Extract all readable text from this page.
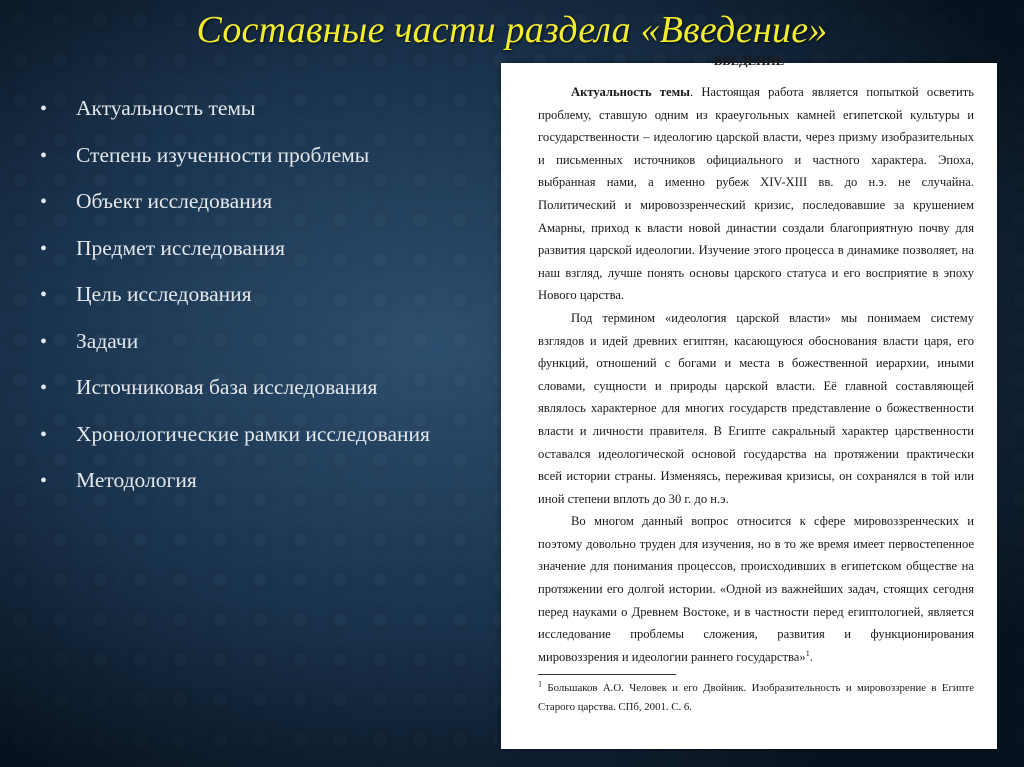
Составные части раздела «Введение»
•	Актуальность темы
•	Степень изученности проблемы
•	Объект исследования
•	Предмет исследования
•	Цель исследования
•	Задачи
•	Источниковая база исследования
•	Хронологические рамки исследования
•	Методология
ВВЕДЕНИЕ

Актуальность темы. Настоящая работа является попыткой осветить проблему, ставшую одним из краеугольных камней египетской культуры и государственности – идеологию царской власти, через призму изобразительных и письменных источников официального и частного характера. Эпоха, выбранная нами, а именно рубеж XIV-XIII вв. до н.э. не случайна. Политический и мировоззренческий кризис, последовавшие за крушением Амарны, приход к власти новой династии создали благоприятную почву для развития царской идеологии. Изучение этого процесса в динамике позволяет, на наш взгляд, лучше понять основы царского статуса и его восприятие в эпоху Нового царства.

Под термином «идеология царской власти» мы понимаем систему взглядов и идей древних египтян, касающуюся обоснования власти царя, его функций, отношений с богами и места в божественной иерархии, иными словами, сущности и природы царской власти. Её главной составляющей являлось характерное для многих государств представление о божественности власти и личности правителя. В Египте сакральный характер царственности оставался идеологической основой государства на протяжении практически всей истории страны. Изменяясь, переживая кризисы, он сохранялся в той или иной степени вплоть до 30 г. до н.э.

Во многом данный вопрос относится к сфере мировоззренческих и поэтому довольно труден для изучения, но в то же время имеет первостепенное значение для понимания процессов, происходивших в египетском обществе на протяжении его долгой истории. «Одной из важнейших задач, стоящих сегодня перед науками о Древнем Востоке, и в частности перед египтологией, является исследование проблемы сложения, развития и функционирования мировоззрения и идеологии раннего государства»$^1$.

$^1$ Большаков А.О. Человек и его Двойник. Изобразительность и мировоззрение в Египте Старого царства. СПб, 2001. С. 6.
